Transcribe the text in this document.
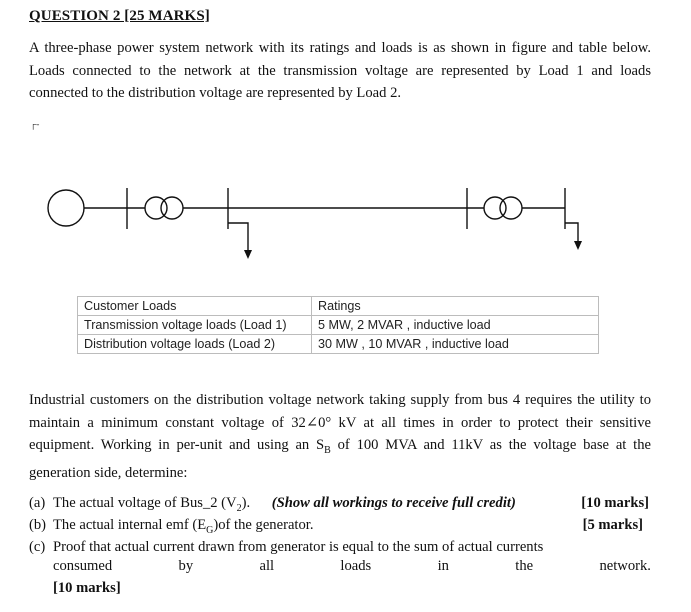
QUESTION 2 [25 MARKS]
A three-phase power system network with its ratings and loads is as shown in figure and table below. Loads connected to the network at the transmission voltage are represented by Load 1 and loads connected to the distribution voltage are represented by Load 2.
┌-
Customer Loads	Ratings
Transmission voltage loads (Load 1)	5 MW, 2 MVAR , inductive load
Distribution voltage loads (Load 2)	30 MW , 10 MVAR , inductive load
Industrial customers on the distribution voltage network taking supply from bus 4 requires the utility to maintain a minimum constant voltage of 32∠0° kV at all times in order to protect their sensitive equipment. Working in per-unit and using an $S_B$ of 100 MVA and 11kV as the voltage base at the generation side, determine:
(a) The actual voltage of Bus_2 $(V_2)$. (Show all workings to receive full credit)	[10 marks]
(b) The actual internal emf $(E_G)of$ the generator.	[5 marks]
(c) Proof that actual current drawn from generator is equal to the sum of actual currents
consumed	by	all	loads	in	the	network.
[10 marks]
